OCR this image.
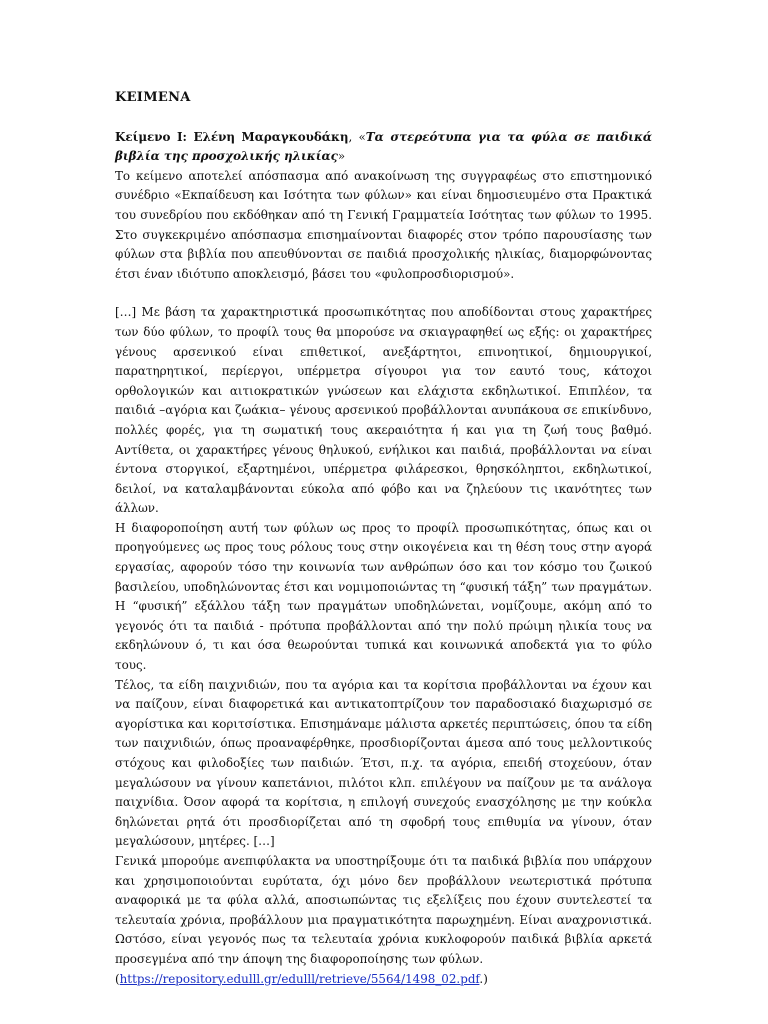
ΚΕΙΜΕΝΑ

Κείμενο Ι: Ελένη Μαραγκουδάκη, «Τα στερεότυπα για τα φύλα σε παιδικά βιβλία της προσχολικής ηλικίας»

Το κείμενο αποτελεί απόσπασμα από ανακοίνωση της συγγραφέως στο επιστημονικό συνέδριο «Εκπαίδευση και Ισότητα των φύλων» και είναι δημοσιευμένο στα Πρακτικά του συνεδρίου που εκδόθηκαν από τη Γενική Γραμματεία Ισότητας των φύλων το 1995. Στο συγκεκριμένο απόσπασμα επισημαίνονται διαφορές στον τρόπο παρουσίασης των φύλων στα βιβλία που απευθύνονται σε παιδιά προσχολικής ηλικίας, διαμορφώνοντας έτσι έναν ιδιότυπο αποκλεισμό, βάσει του «φυλοπροσδιορισμού».

[…] Με βάση τα χαρακτηριστικά προσωπικότητας που αποδίδονται στους χαρακτήρες των δύο φύλων, το προφίλ τους θα μπορούσε να σκιαγραφηθεί ως εξής: οι χαρακτήρες γένους αρσενικού είναι επιθετικοί, ανεξάρτητοι, επινοητικοί, δημιουργικοί, παρατηρητικοί, περίεργοι, υπέρμετρα σίγουροι για τον εαυτό τους, κάτοχοι ορθολογικών και αιτιοκρατικών γνώσεων και ελάχιστα εκδηλωτικοί. Επιπλέον, τα παιδιά –αγόρια και ζωάκια– γένους αρσενικού προβάλλονται ανυπάκουα σε επικίνδυνο, πολλές φορές, για τη σωματική τους ακεραιότητα ή και για τη ζωή τους βαθμό. Αντίθετα, οι χαρακτήρες γένους θηλυκού, ενήλικοι και παιδιά, προβάλλονται να είναι έντονα στοργικοί, εξαρτημένοι, υπέρμετρα φιλάρεσκοι, θρησκόληπτοι, εκδηλωτικοί, δειλοί, να καταλαμβάνονται εύκολα από φόβο και να ζηλεύουν τις ικανότητες των άλλων.

Η διαφοροποίηση αυτή των φύλων ως προς το προφίλ προσωπικότητας, όπως και οι προηγούμενες ως προς τους ρόλους τους στην οικογένεια και τη θέση τους στην αγορά εργασίας, αφορούν τόσο την κοινωνία των ανθρώπων όσο και τον κόσμο του ζωικού βασιλείου, υποδηλώνοντας έτσι και νομιμοποιώντας τη “φυσική τάξη” των πραγμάτων. Η “φυσική” εξάλλου τάξη των πραγμάτων υποδηλώνεται, νομίζουμε, ακόμη από το γεγονός ότι τα παιδιά - πρότυπα προβάλλονται από την πολύ πρώιμη ηλικία τους να εκδηλώνουν ό, τι και όσα θεωρούνται τυπικά και κοινωνικά αποδεκτά για το φύλο τους.

Τέλος, τα είδη παιχνιδιών, που τα αγόρια και τα κορίτσια προβάλλονται να έχουν και να παίζουν, είναι διαφορετικά και αντικατοπτρίζουν τον παραδοσιακό διαχωρισμό σε αγορίστικα και κοριτσίστικα. Επισημάναμε μάλιστα αρκετές περιπτώσεις, όπου τα είδη των παιχνιδιών, όπως προαναφέρθηκε, προσδιορίζονται άμεσα από τους μελλοντικούς στόχους και φιλοδοξίες των παιδιών. Έτσι, π.χ. τα αγόρια, επειδή στοχεύουν, όταν μεγαλώσουν να γίνουν καπετάνιοι, πιλότοι κλπ. επιλέγουν να παίζουν με τα ανάλογα παιχνίδια. Όσον αφορά τα κορίτσια, η επιλογή συνεχούς ενασχόλησης με την κούκλα δηλώνεται ρητά ότι προσδιορίζεται από τη σφοδρή τους επιθυμία να γίνουν, όταν μεγαλώσουν, μητέρες. […]

Γενικά μπορούμε ανεπιφύλακτα να υποστηρίξουμε ότι τα παιδικά βιβλία που υπάρχουν και χρησιμοποιούνται ευρύτατα, όχι μόνο δεν προβάλλουν νεωτεριστικά πρότυπα αναφορικά με τα φύλα αλλά, αποσιωπώντας τις εξελίξεις που έχουν συντελεστεί τα τελευταία χρόνια, προβάλλουν μια πραγματικότητα παρωχημένη. Είναι αναχρονιστικά. Ωστόσο, είναι γεγονός πως τα τελευταία χρόνια κυκλοφορούν παιδικά βιβλία αρκετά προσεγμένα από την άποψη της διαφοροποίησης των φύλων.

(https://repository.edulll.gr/edulll/retrieve/5564/1498_02.pdf.)
